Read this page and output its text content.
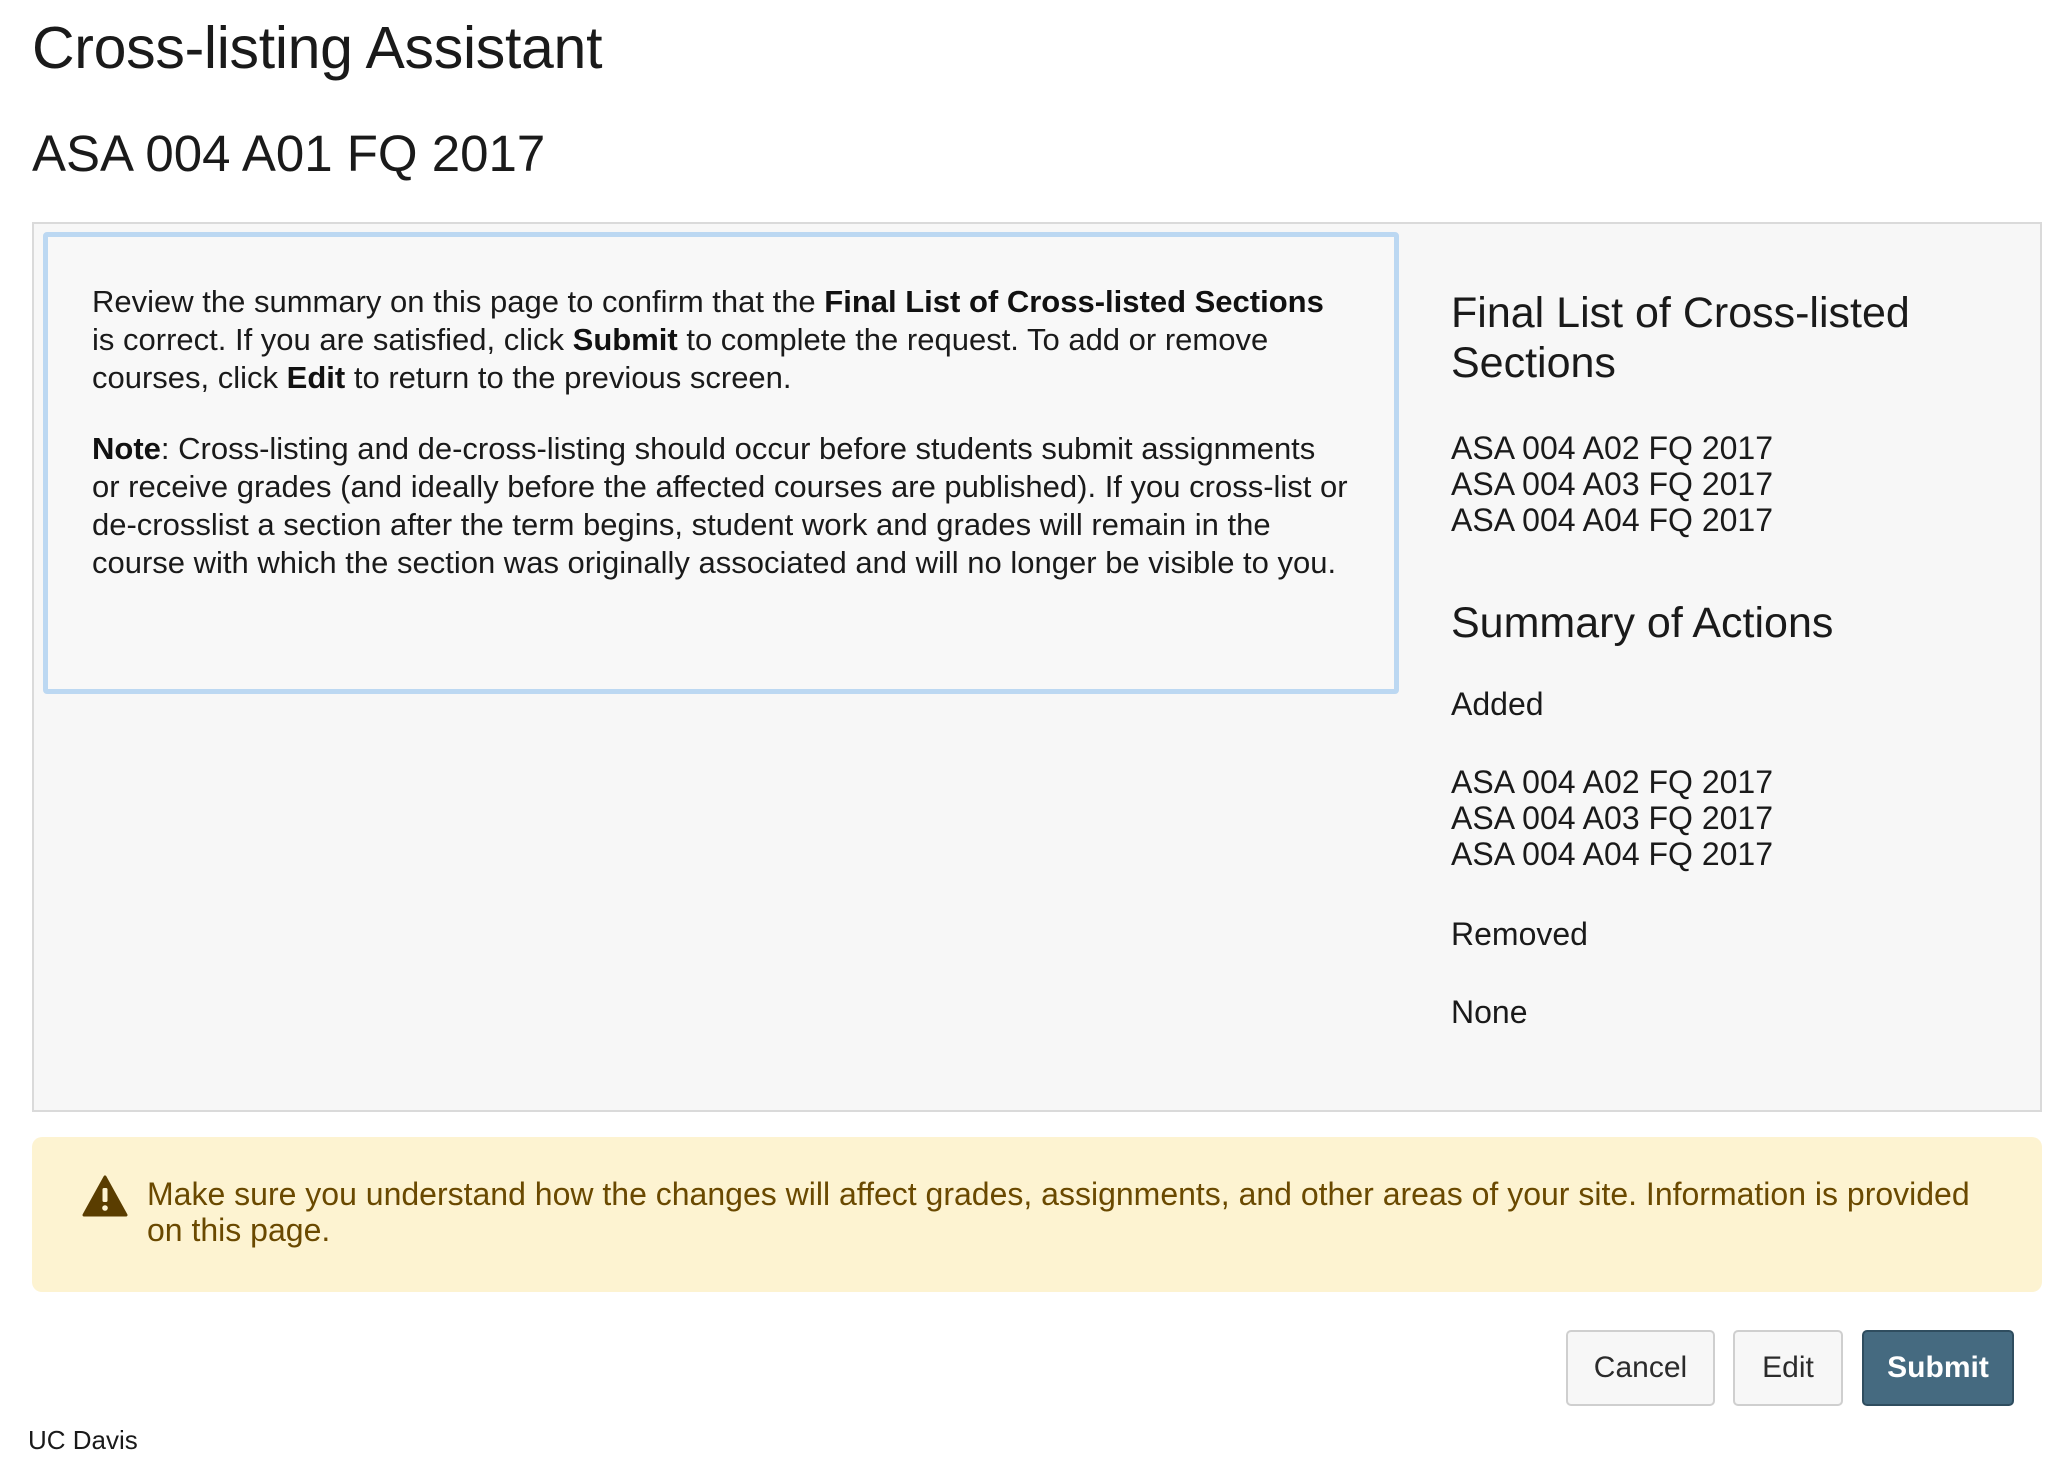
Cross-listing Assistant
ASA 004 A01 FQ 2017

Review the summary on this page to confirm that the Final List of Cross-listed Sections is correct. If you are satisfied, click Submit to complete the request. To add or remove courses, click Edit to return to the previous screen.

Note: Cross-listing and de-cross-listing should occur before students submit assignments or receive grades (and ideally before the affected courses are published). If you cross-list or de-crosslist a section after the term begins, student work and grades will remain in the course with which the section was originally associated and will no longer be visible to you.

Final List of Cross-listed Sections
ASA 004 A02 FQ 2017
ASA 004 A03 FQ 2017
ASA 004 A04 FQ 2017
Summary of Actions
Added
ASA 004 A02 FQ 2017
ASA 004 A03 FQ 2017
ASA 004 A04 FQ 2017
Removed
None
Make sure you understand how the changes will affect grades, assignments, and other areas of your site. Information is provided on this page.
Cancel	Edit	Submit
UC Davis
